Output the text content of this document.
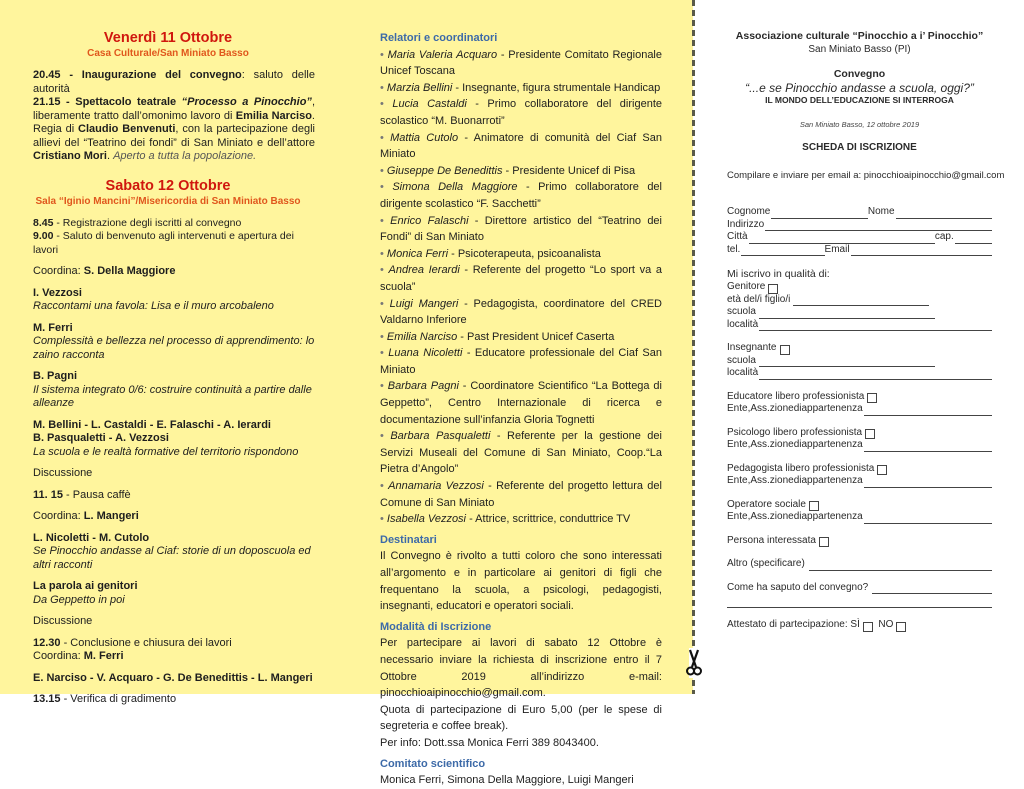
Venerdì 11 Ottobre
Casa Culturale/San Miniato Basso
20.45 - Inaugurazione del convegno: saluto delle autorità
21.15 - Spettacolo teatrale “Processo a Pinocchio”, liberamente tratto dall’omonimo lavoro di Emilia Narciso. Regia di Claudio Benvenuti, con la partecipazione degli allievi del “Teatrino dei fondi” di San Miniato e dell’attore Cristiano Mori. Aperto a tutta la popolazione.
Sabato 12 Ottobre
Sala “Iginio Mancini”/Misericordia di San Miniato Basso
8.45 - Registrazione degli iscritti al convegno
9.00 - Saluto di benvenuto agli intervenuti e apertura dei lavori
Coordina: S. Della Maggiore
I. Vezzosi
Raccontami una favola: Lisa e il muro arcobaleno
M. Ferri
Complessità e bellezza nel processo di apprendimento: lo zaino racconta
B. Pagni
Il sistema integrato 0/6: costruire continuità a partire dalle alleanze
M. Bellini - L. Castaldi - E. Falaschi - A. Ierardi
B. Pasqualetti - A. Vezzosi
La scuola e le realtà formative del territorio rispondono
Discussione
11. 15 - Pausa caffè
Coordina: L. Mangeri
L. Nicoletti - M. Cutolo
Se Pinocchio andasse al Ciaf: storie di un doposcuola ed altri racconti
La parola ai genitori
Da Geppetto in poi
Discussione
12.30 - Conclusione e chiusura dei lavori
Coordina: M. Ferri
E. Narciso - V. Acquaro - G. De Benedittis - L. Mangeri
13.15 - Verifica di gradimento
Relatori e coordinatori
• Maria Valeria Acquaro - Presidente Comitato Regionale Unicef Toscana
• Marzia Bellini - Insegnante, figura strumentale Handicap
• Lucia Castaldi - Primo collaboratore del dirigente scolastico “M. Buonarroti”
• Mattia Cutolo - Animatore di comunità del Ciaf San Miniato
• Giuseppe De Benedittis - Presidente Unicef di Pisa
• Simona Della Maggiore - Primo collaboratore del dirigente scolastico “F. Sacchetti”
• Enrico Falaschi - Direttore artistico del “Teatrino dei Fondi” di San Miniato
• Monica Ferri - Psicoterapeuta, psicoanalista
• Andrea Ierardi - Referente del progetto “Lo sport va a scuola”
• Luigi Mangeri - Pedagogista, coordinatore del CRED Valdarno Inferiore
• Emilia Narciso - Past President Unicef Caserta
• Luana Nicoletti - Educatore professionale del Ciaf San Miniato
• Barbara Pagni - Coordinatore Scientifico “La Bottega di Geppetto”, Centro Internazionale di ricerca e documentazione sull’infanzia Gloria Tognetti
• Barbara Pasqualetti - Referente per la gestione dei Servizi Museali del Comune di San Miniato, Coop.“La Pietra d’Angolo”
• Annamaria Vezzosi - Referente del progetto lettura del Comune di San Miniato
• Isabella Vezzosi - Attrice, scrittrice, conduttrice TV
Destinatari
Il Convegno è rivolto a tutti coloro che sono interessati all’argomento e in particolare ai genitori di figli che frequentano la scuola, a psicologi, pedagogisti, insegnanti, educatori e operatori sociali.
Modalità di Iscrizione
Per partecipare ai lavori di sabato 12 Ottobre è necessario inviare la richiesta di inscrizione entro il 7 Ottobre 2019 all’indirizzo e-mail: pinocchioaipinocchio@gmail.com.
Quota di partecipazione di Euro 5,00 (per le spese di segreteria e coffee break).
Per info: Dott.ssa Monica Ferri 389 8043400.
Comitato scientifico
Monica Ferri, Simona Della Maggiore, Luigi Mangeri
Associazione culturale “Pinocchio a i’ Pinocchio”
San Miniato Basso (PI)
Convegno
“...e se Pinocchio andasse a scuola, oggi?”
IL MONDO DELL’EDUCAZIONE SI INTERROGA
San Miniato Basso, 12 ottobre 2019
SCHEDA DI ISCRIZIONE
Compilare e inviare per email a: pinocchioaipinocchio@gmail.com
Cognome	Nome
Indirizzo
Città	cap.
tel.	Email
Mi iscrivo in qualità di:
Genitore
età del/i figlio/i

scuola

località
Insegnante
scuola

località
Educatore libero professionista
Ente,Ass.zionediappartenenza
Psicologo libero professionista
Ente,Ass.zionediappartenenza
Pedagogista libero professionista
Ente,Ass.zionediappartenenza
Operatore sociale
Ente,Ass.zionediappartenenza
Persona interessata
Altro (specificare)

Come ha saputo del convegno?

Attestato di partecipazione: SÌ
NO
